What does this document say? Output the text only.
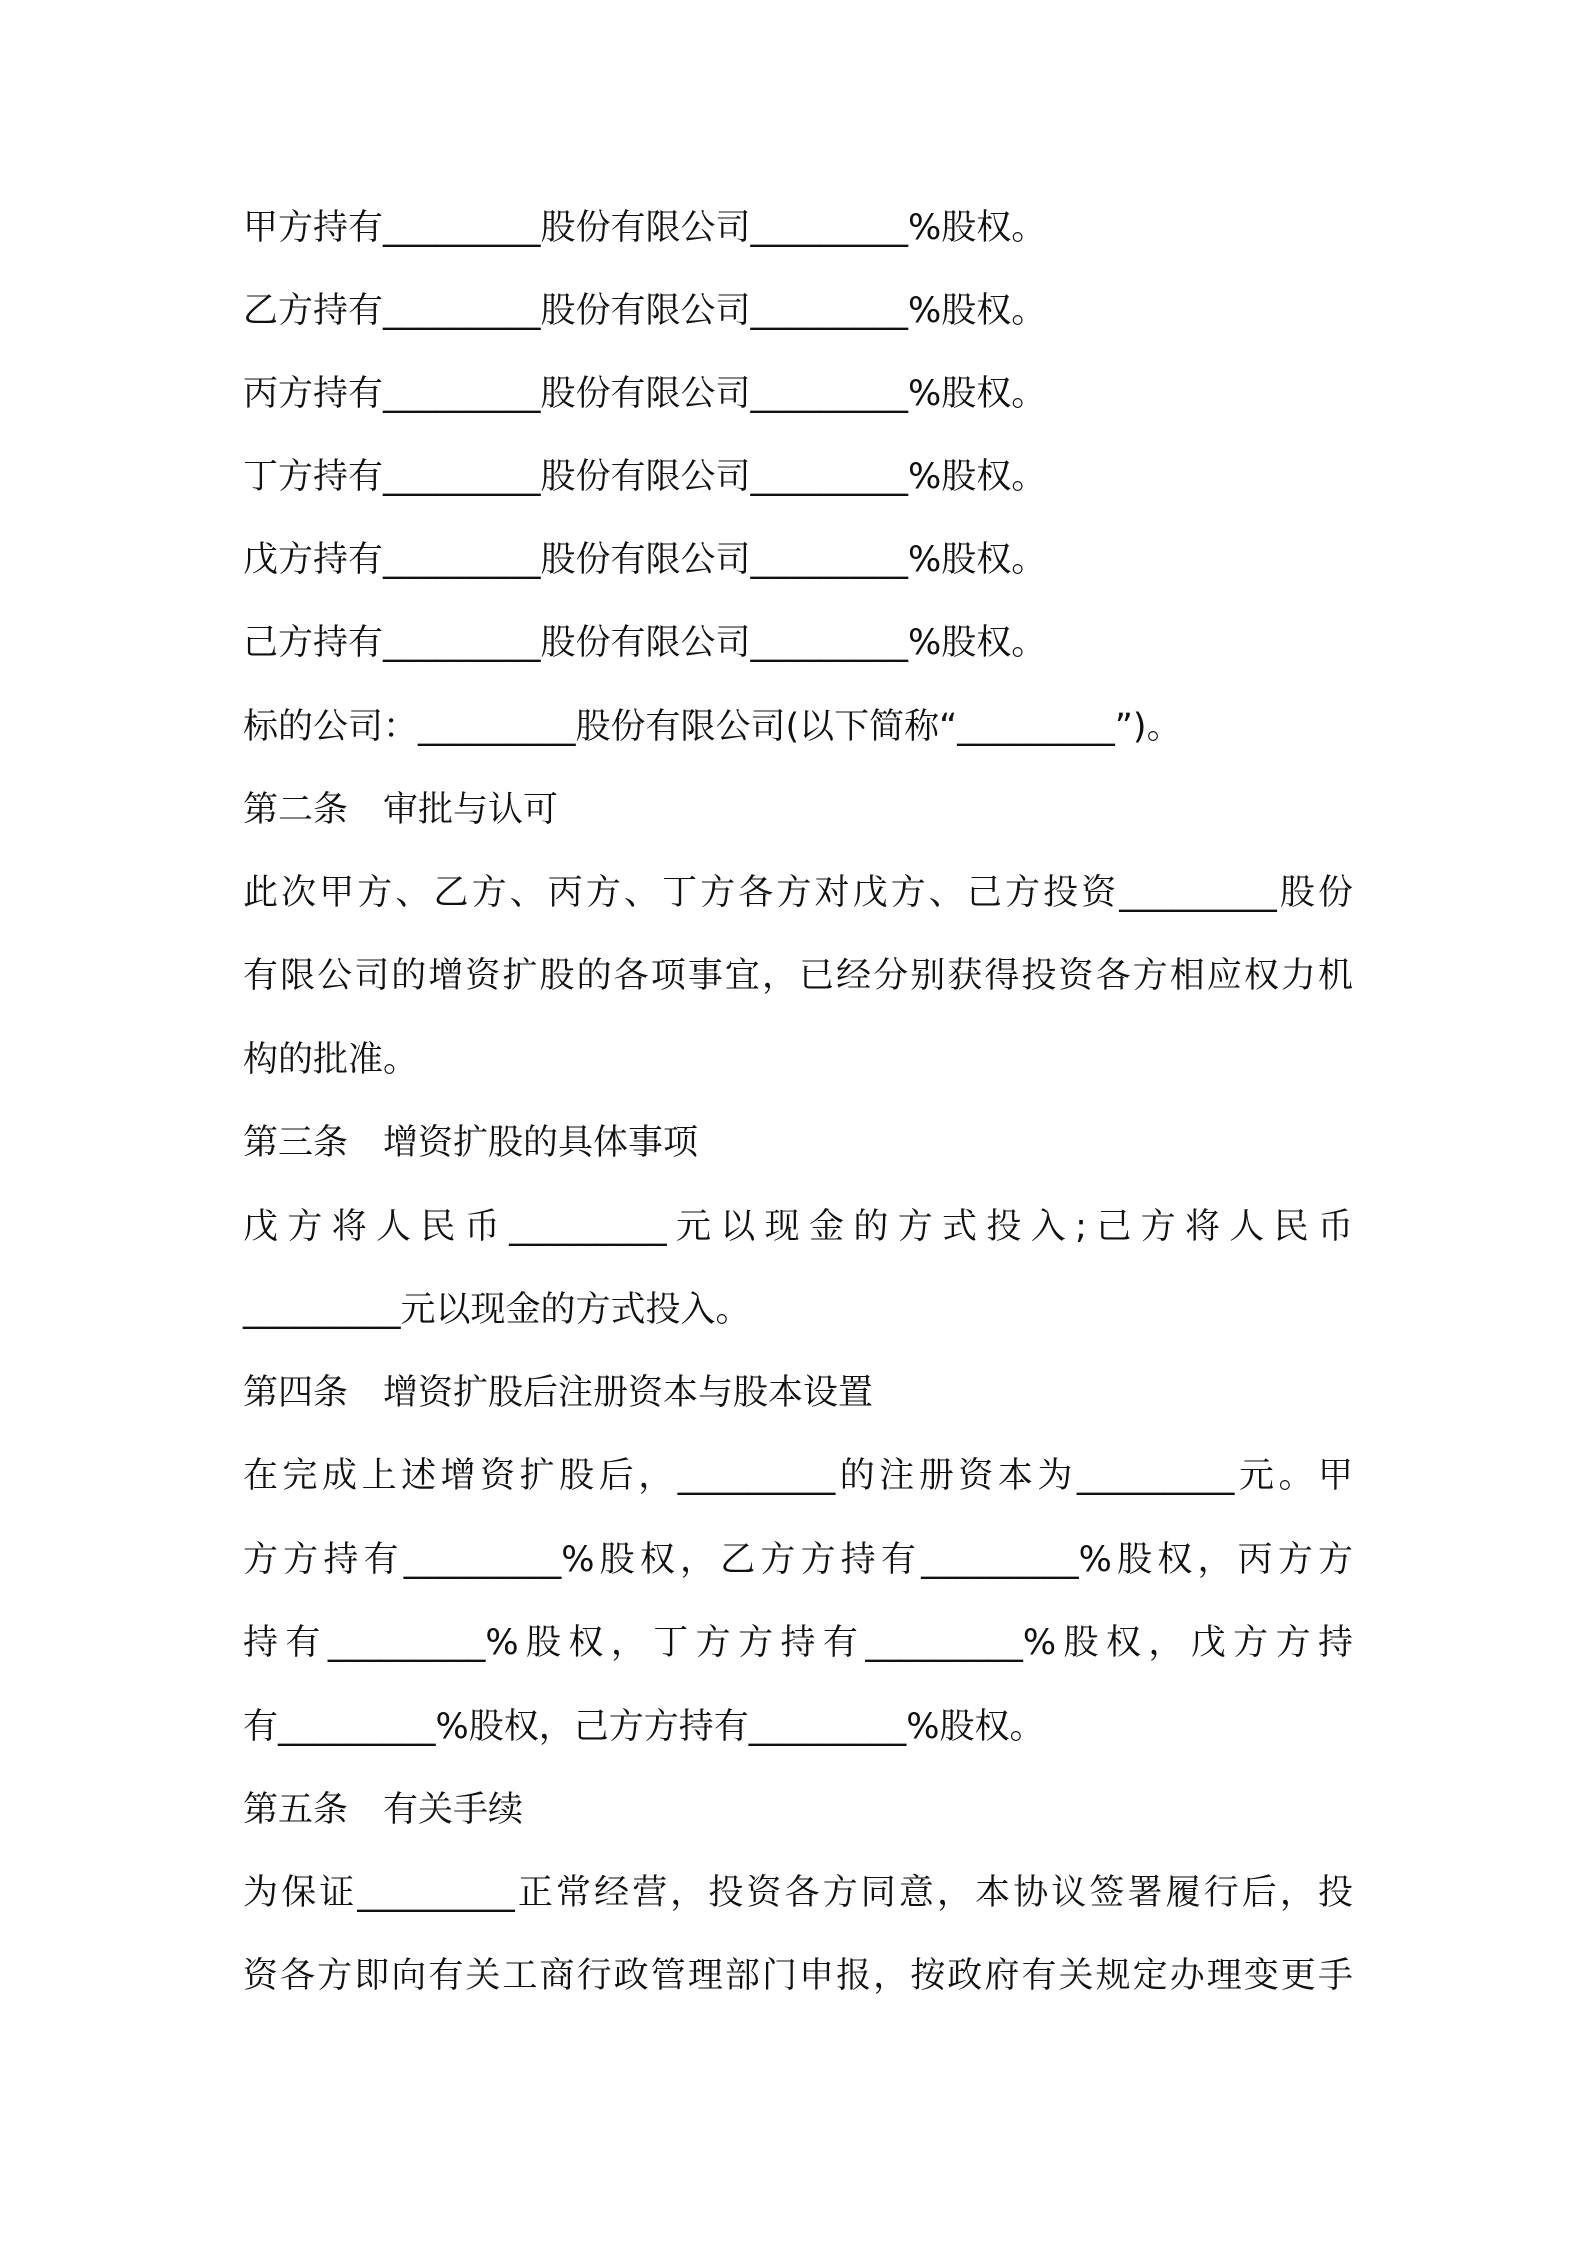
甲方持有_________股份有限公司_________%股权。

乙方持有_________股份有限公司_________%股权。

丙方持有_________股份有限公司_________%股权。

丁方持有_________股份有限公司_________%股权。

戊方持有_________股份有限公司_________%股权。

己方持有_________股份有限公司_________%股权。

标的公司：_________股份有限公司(以下简称“_________”)。

第二条　审批与认可

此次甲方、乙方、丙方、丁方各方对戊方、己方投资_________股份

有限公司的增资扩股的各项事宜，已经分别获得投资各方相应权力机

构的批准。

第三条　增资扩股的具体事项

戊方将人民币_________元以现金的方式投入;己方将人民币

_________元以现金的方式投入。

第四条　增资扩股后注册资本与股本设置

在完成上述增资扩股后，_________的注册资本为_________元。甲

方方持有_________%股权，乙方方持有_________%股权，丙方方

持有_________%股权，丁方方持有_________%股权，戊方方持

有_________%股权，己方方持有_________%股权。

第五条　有关手续

为保证_________正常经营，投资各方同意，本协议签署履行后，投

资各方即向有关工商行政管理部门申报，按政府有关规定办理变更手
